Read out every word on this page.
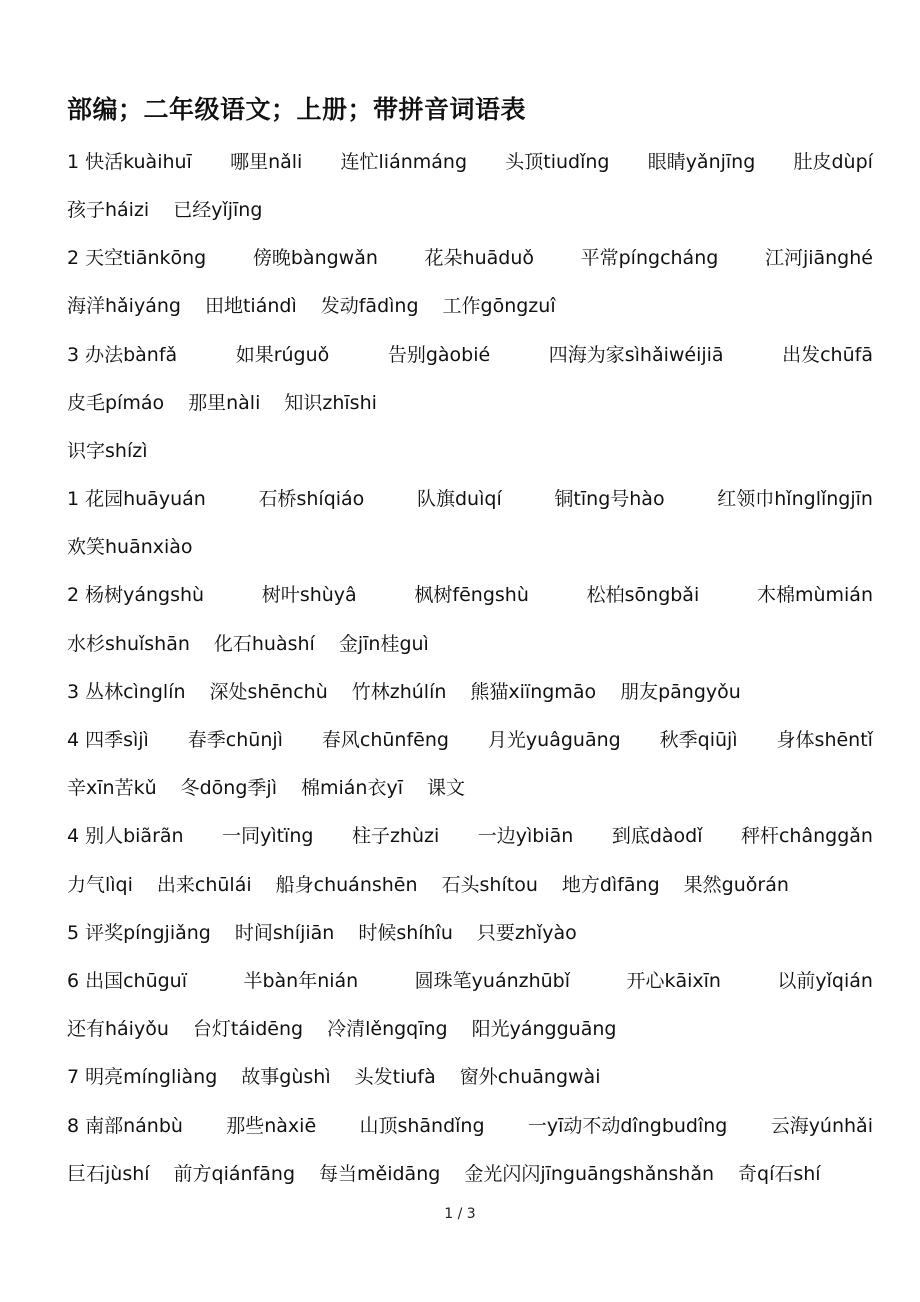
部编；二年级语文；上册；带拼音词语表
1 快活kuàihuī 哪里nǎli 连忙liánmáng 头顶tiudǐng 眼睛yǎnjīng 肚皮dùpí
孩子háizi 已经yǐjīng
2 天空tiānkōng 傍晚bàngwǎn 花朵huāduǒ 平常píngcháng 江河jiānghé
海洋hǎiyáng 田地tiándì 发动fādìng 工作gōngzuî
3 办法bànfǎ	如果rúguǒ	告别gàobié	四海为家sìhǎiwéijiā	出发chūfā
皮毛pímáo 那里nàli 知识zhīshi
识字shízì
1 花园huāyuán	石桥shíqiáo	队旗duìqí	铜tīng号hào	红领巾hǐnglǐngjīn
欢笑huānxiào
2 杨树yángshù	树叶shùyâ	枫树fēngshù	松柏sōngbǎi	木棉mùmián
水杉shuǐshān 化石huàshí 金jīn桂guì
3 丛林cìnglín 深处shēnchù 竹林zhúlín 熊猫xiïngmāo 朋友pāngyǒu
4 四季sìjì 春季chūnjì 春风chūnfēng 月光yuâguāng 秋季qiūjì 身体shēntǐ
辛xīn苦kǔ 冬dōng季jì 棉mián衣yī 课文
4 别人biãrãn 一同yìtïng 柱子zhùzi 一边yìbiān 到底dàodǐ 秤杆chânggǎn
力气lìqi 出来chūlái 船身chuánshēn 石头shítou 地方dìfāng 果然guǒrán
5 评奖píngjiǎng 时间shíjiān 时候shíhîu 只要zhǐyào
6 出国chūguï	半bàn年nián	圆珠笔yuánzhūbǐ	开心kāixīn	以前yǐqián
还有háiyǒu 台灯táidēng 冷清lěngqīng 阳光yángguāng
7 明亮míngliàng 故事gùshì 头发tiufà 窗外chuāngwài
8 南部nánbù 那些nàxiē 山顶shāndǐng 一yī动不动dîngbudîng 云海yúnhǎi
巨石jùshí 前方qiánfāng 每当měidāng 金光闪闪jīnguāngshǎnshǎn 奇qí石shí
1 / 3
